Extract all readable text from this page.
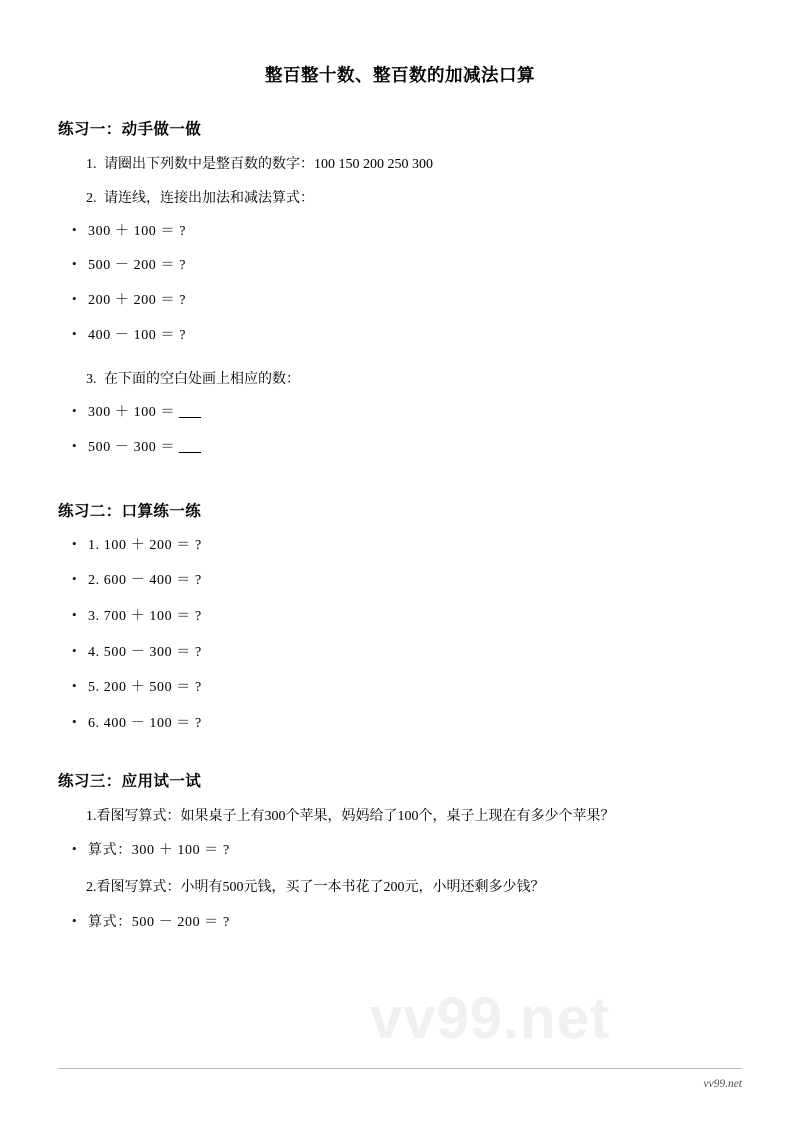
整百整十数、整百数的加减法口算
练习一：动手做一做
1. 请圈出下列数中是整百数的数字：100 150 200 250 300
2. 请连线，连接出加法和减法算式：
• 300 ＋ 100 ＝ ?
• 500 － 200 ＝ ?
• 200 ＋ 200 ＝ ?
• 400 － 100 ＝ ?
3. 在下面的空白处画上相应的数：
• 300 ＋ 100 ＝
• 500 － 300 ＝
练习二：口算练一练
• 1. 100 ＋ 200 ＝ ?
• 2. 600 － 400 ＝ ?
• 3. 700 ＋ 100 ＝ ?
• 4. 500 － 300 ＝ ?
• 5. 200 ＋ 500 ＝ ?
• 6. 400 － 100 ＝ ?
练习三：应用试一试
1.看图写算式：如果桌子上有300个苹果，妈妈给了100个，桌子上现在有多少个苹果？
• 算式：300 ＋ 100 ＝ ?
2.看图写算式：小明有500元钱，买了一本书花了200元，小明还剩多少钱？
• 算式：500 － 200 ＝ ?
vv99.net
vv99.net
